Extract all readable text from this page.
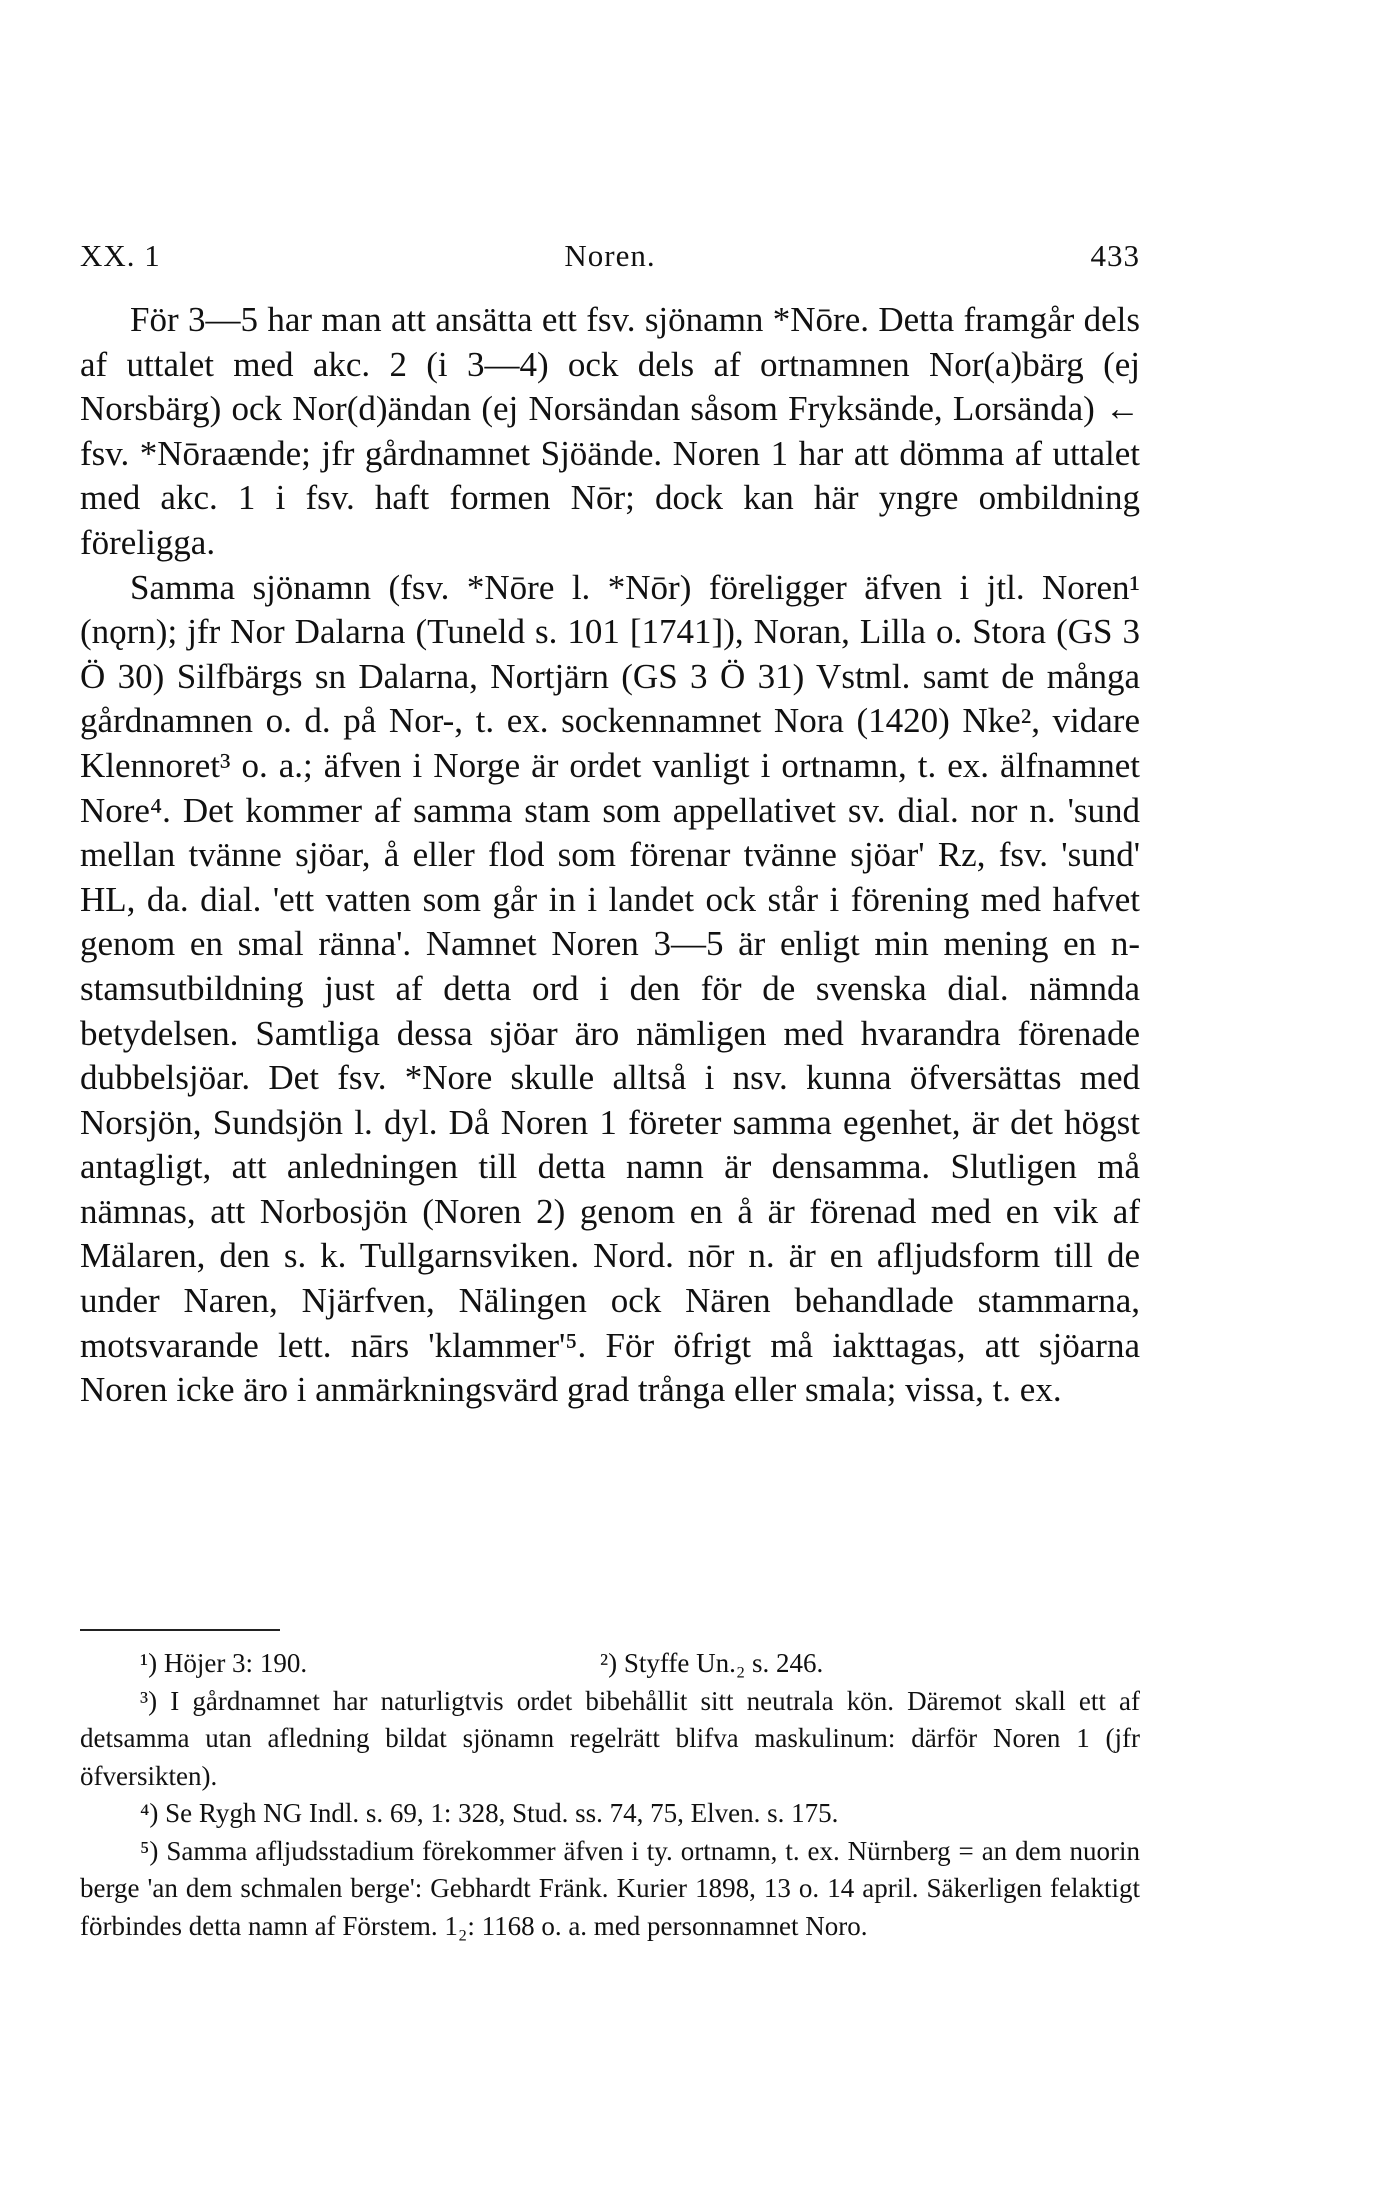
XX. 1	Noren.	433

För 3—5 har man att ansätta ett fsv. sjönamn *Nōre. Detta framgår dels af uttalet med akc. 2 (i 3—4) ock dels af ortnamnen Nor(a)bärg (ej Norsbärg) ock Nor(d)ändan (ej Norsändan såsom Fryksände, Lorsända) ← fsv. *Nōraænde; jfr gårdnamnet Sjöände. Noren 1 har att dömma af uttalet med akc. 1 i fsv. haft formen Nōr; dock kan här yngre ombildning föreligga.

Samma sjönamn (fsv. *Nōre l. *Nōr) föreligger äfven i jtl. Noren¹ (nǫrn); jfr Nor Dalarna (Tuneld s. 101 [1741]), Noran, Lilla o. Stora (GS 3 Ö 30) Silfbärgs sn Dalarna, Nortjärn (GS 3 Ö 31) Vstml. samt de många gårdnamnen o. d. på Nor-, t. ex. sockennamnet Nora (1420) Nke², vidare Klennoret³ o. a.; äfven i Norge är ordet vanligt i ortnamn, t. ex. älfnamnet Nore⁴. Det kommer af samma stam som appellativet sv. dial. nor n. 'sund mellan tvänne sjöar, å eller flod som förenar tvänne sjöar' Rz, fsv. 'sund' HL, da. dial. 'ett vatten som går in i landet ock står i förening med hafvet genom en smal ränna'. Namnet Noren 3—5 är enligt min mening en n-stamsutbildning just af detta ord i den för de svenska dial. nämnda betydelsen. Samtliga dessa sjöar äro nämligen med hvarandra förenade dubbelsjöar. Det fsv. *Nore skulle alltså i nsv. kunna öfversättas med Norsjön, Sundsjön l. dyl. Då Noren 1 företer samma egenhet, är det högst antagligt, att anledningen till detta namn är densamma. Slutligen må nämnas, att Norbosjön (Noren 2) genom en å är förenad med en vik af Mälaren, den s. k. Tullgarnsviken. Nord. nōr n. är en afljudsform till de under Naren, Njärfven, Nälingen ock Nären behandlade stammarna, motsvarande lett. nārs 'klammer'⁵. För öfrigt må iakttagas, att sjöarna Noren icke äro i anmärkningsvärd grad trånga eller smala; vissa, t. ex.

¹) Höjer 3: 190.	²) Styffe Un.₂ s. 246.

³) I gårdnamnet har naturligtvis ordet bibehållit sitt neutrala kön. Däremot skall ett af detsamma utan afledning bildat sjönamn regelrätt blifva maskulinum: därför Noren 1 (jfr öfversikten).

⁴) Se Rygh NG Indl. s. 69, 1: 328, Stud. ss. 74, 75, Elven. s. 175.

⁵) Samma afljudsstadium förekommer äfven i ty. ortnamn, t. ex. Nürnberg = an dem nuorin berge 'an dem schmalen berge': Gebhardt Fränk. Kurier 1898, 13 o. 14 april. Säkerligen felaktigt förbindes detta namn af Förstem. 1₂: 1168 o. a. med personnamnet Noro.
